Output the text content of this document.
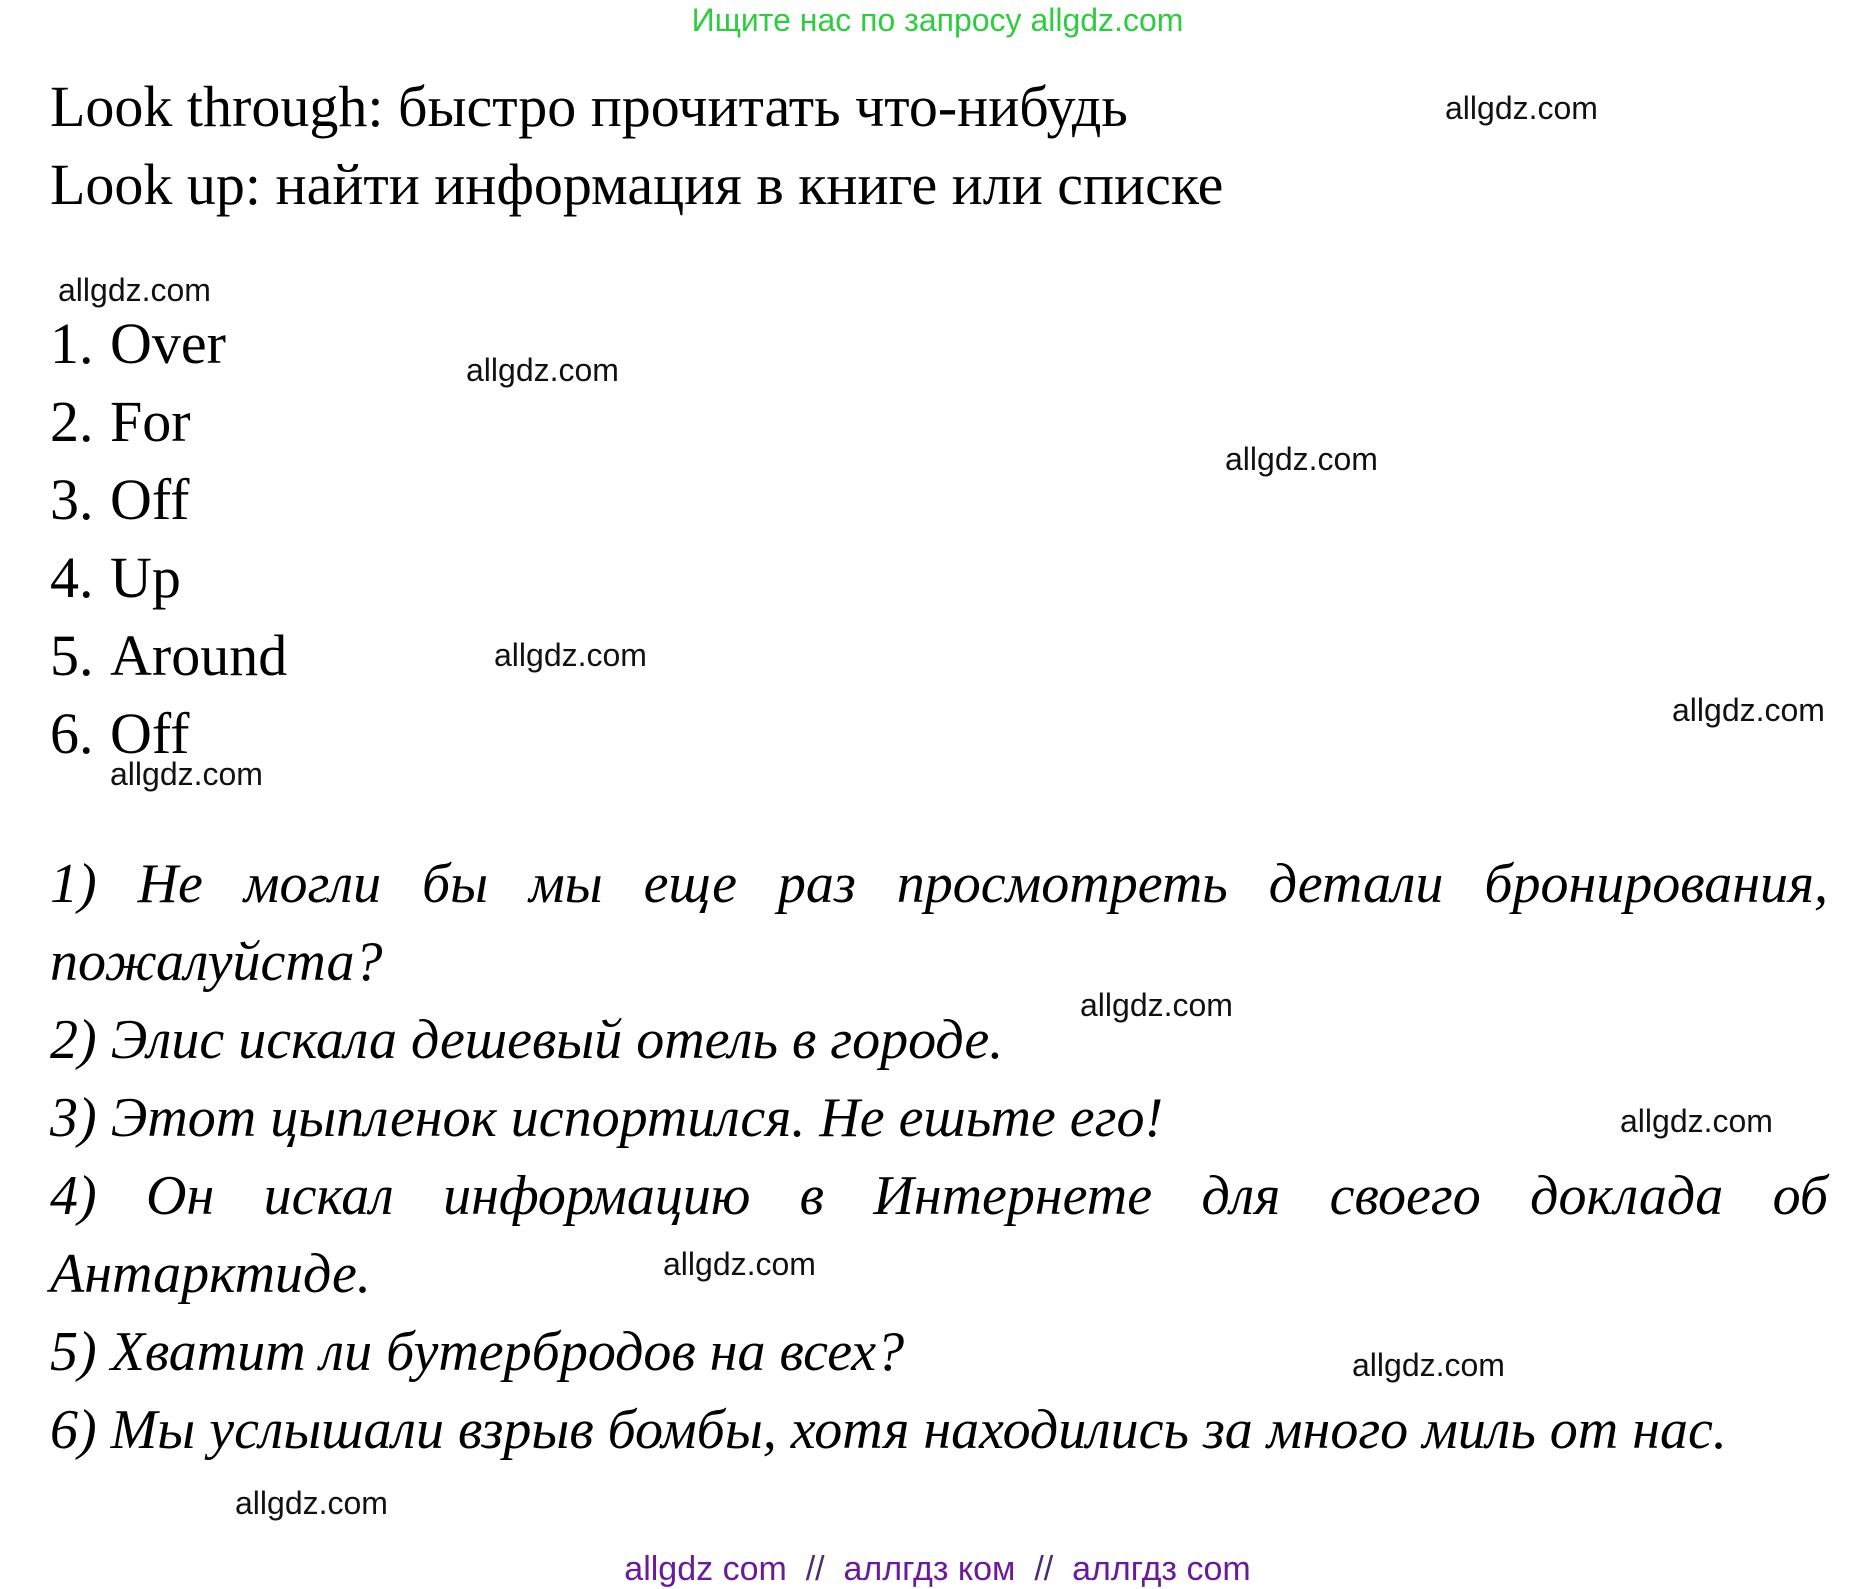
Ищите нас по запросу allgdz.com
Look through: быстро прочитать что-нибудь
Look up: найти информация в книге или списке
1. Over
2. For
3. Off
4. Up
5. Around
6. Off

1) Не могли бы мы еще раз просмотреть детали бронирования, пожалуйста?

2) Элис искала дешевый отель в городе.

3) Этот цыпленок испортился. Не ешьте его!

4) Он искал информацию в Интернете для своего доклада об Антарктиде.

5) Хватит ли бутербродов на всех?

6) Мы услышали взрыв бомбы, хотя находились за много миль от нас.

allgdz.com
allgdz.com
allgdz.com
allgdz.com
allgdz.com
allgdz.com
allgdz.com
allgdz.com
allgdz.com
allgdz.com
allgdz.com
allgdz.com
allgdz com // аллгдз ком // аллгдз com
